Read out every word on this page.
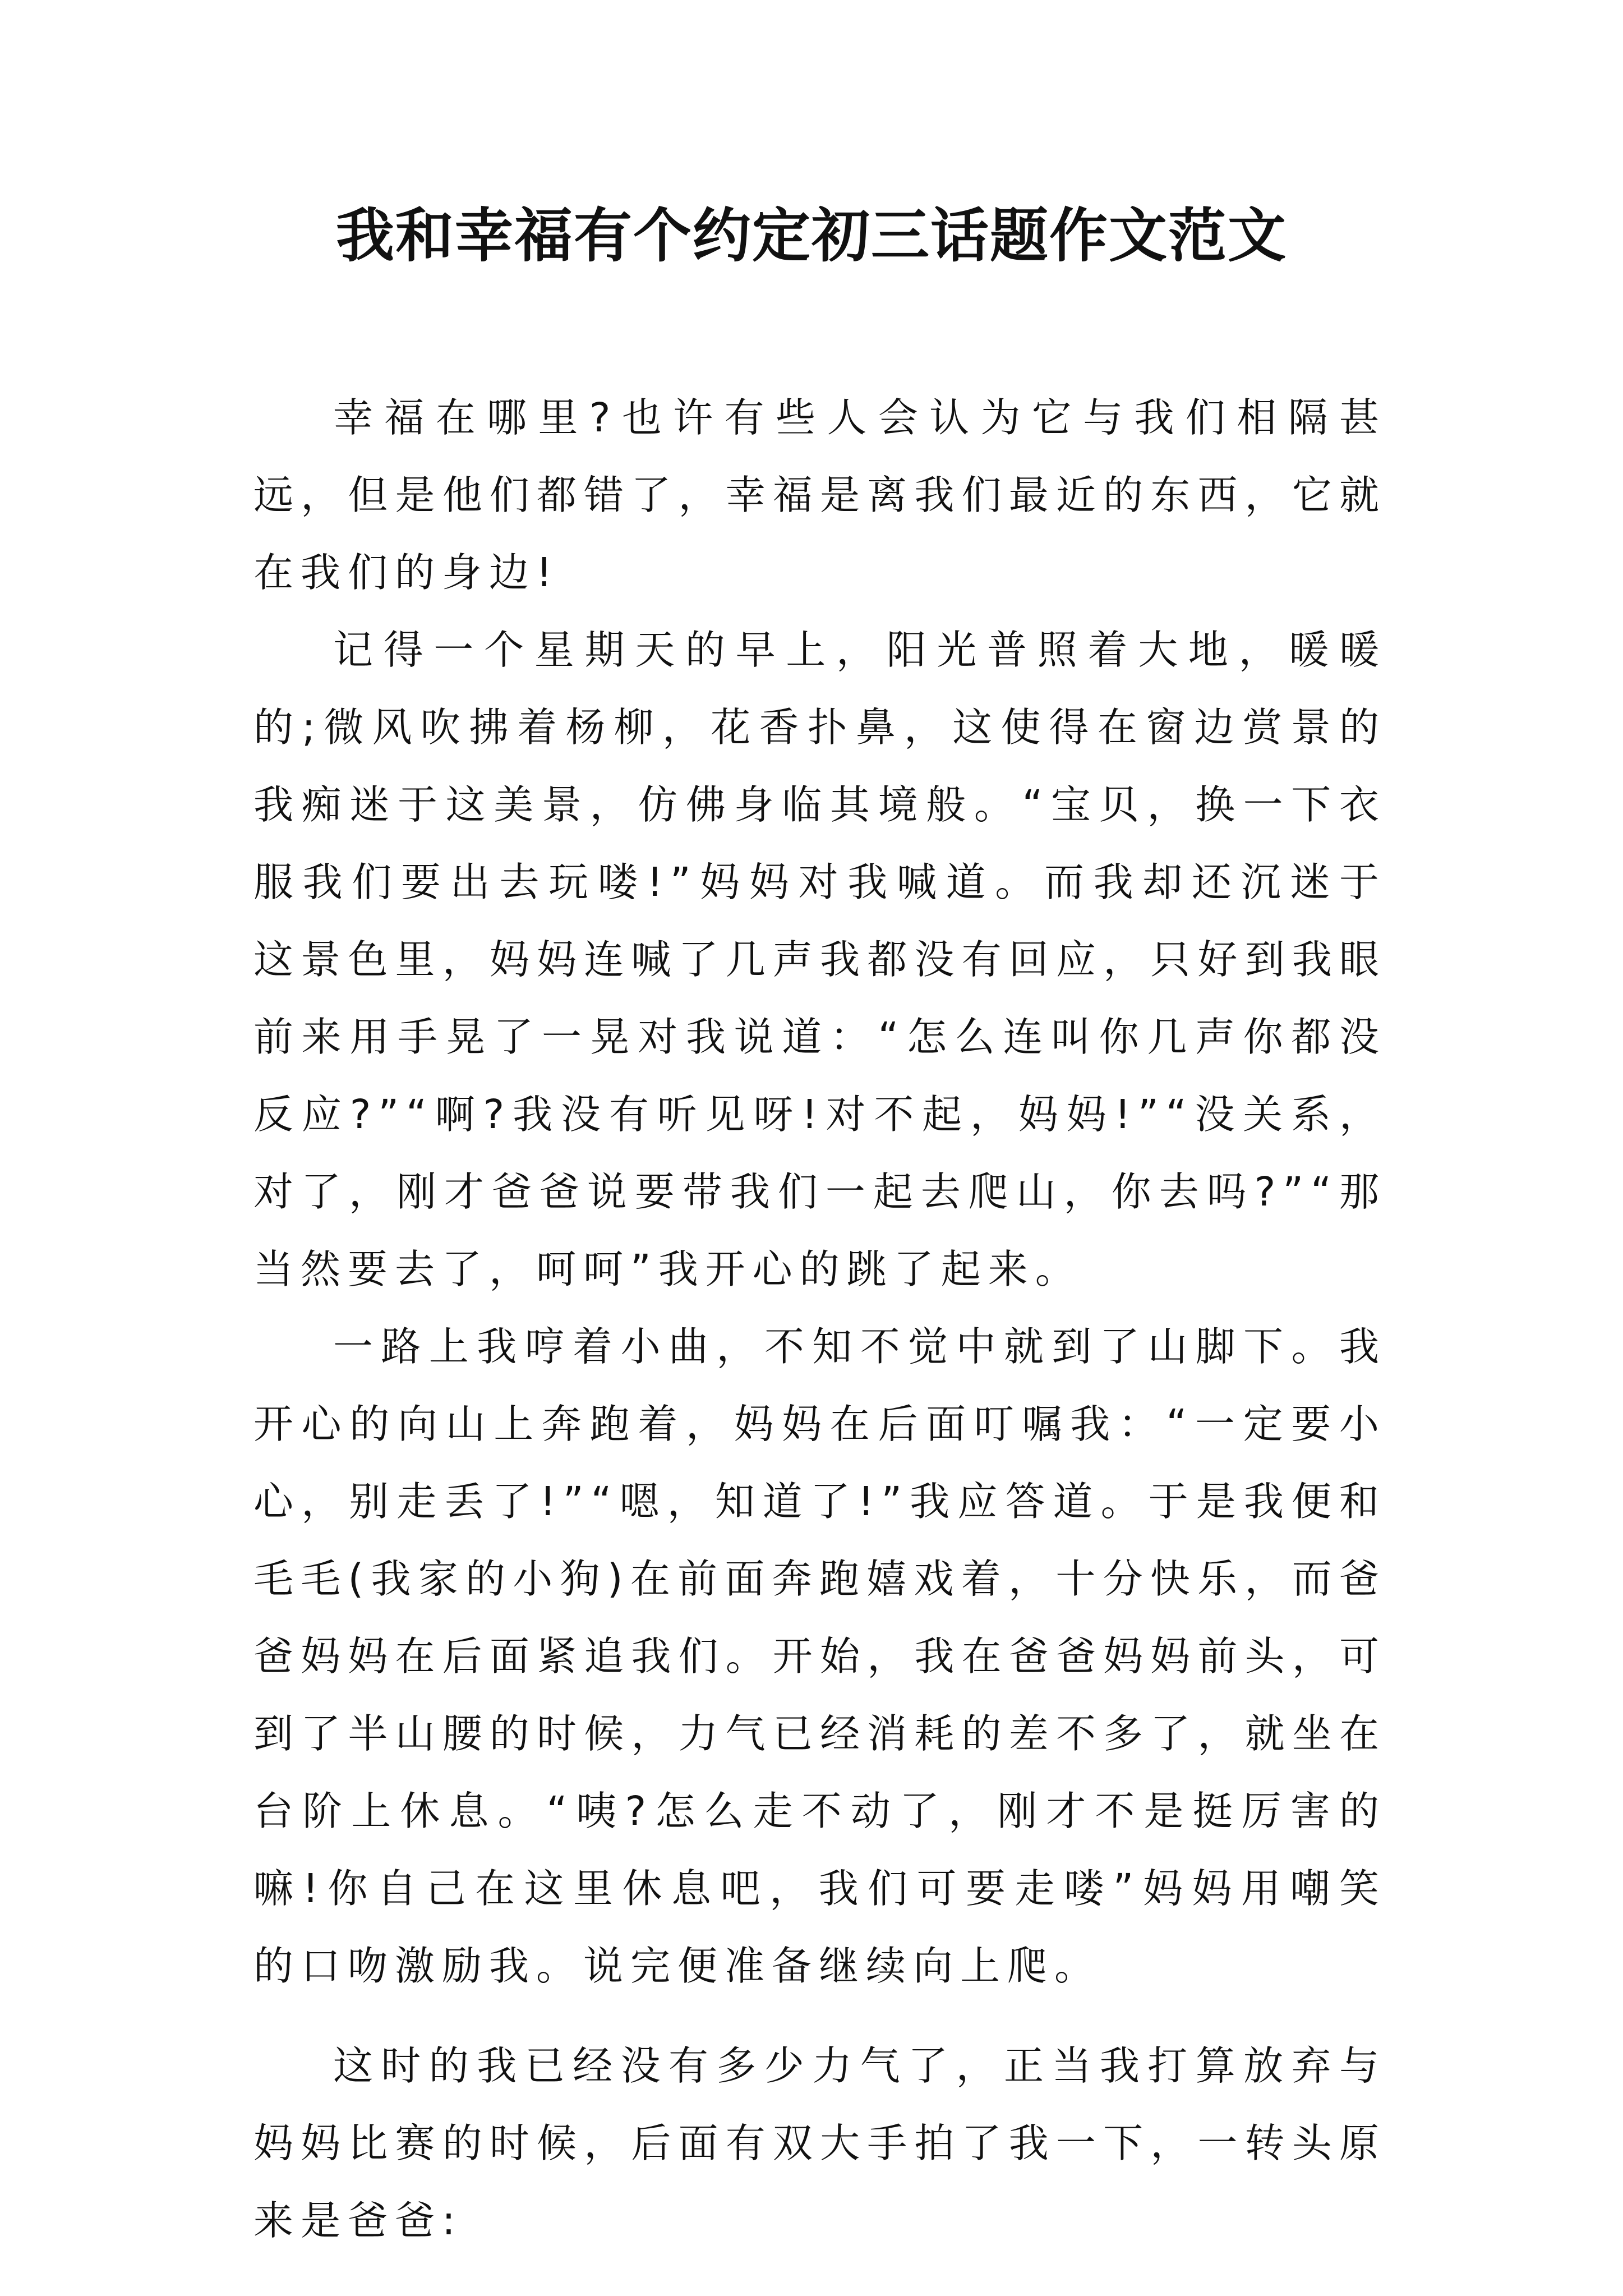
我和幸福有个约定初三话题作文范文

幸福在哪里?也许有些人会认为它与我们相隔甚远，但是他们都错了，幸福是离我们最近的东西，它就在我们的身边!

记得一个星期天的早上，阳光普照着大地，暖暖的;微风吹拂着杨柳，花香扑鼻，这使得在窗边赏景的我痴迷于这美景，仿佛身临其境般。“宝贝，换一下衣服我们要出去玩喽!”妈妈对我喊道。而我却还沉迷于这景色里，妈妈连喊了几声我都没有回应，只好到我眼前来用手晃了一晃对我说道：“怎么连叫你几声你都没反应?”“啊?我没有听见呀!对不起，妈妈!”“没关系，对了，刚才爸爸说要带我们一起去爬山，你去吗?”“那当然要去了，呵呵”我开心的跳了起来。

一路上我哼着小曲，不知不觉中就到了山脚下。我开心的向山上奔跑着，妈妈在后面叮嘱我：“一定要小心，别走丢了!”“嗯，知道了!”我应答道。于是我便和毛毛(我家的小狗)在前面奔跑嬉戏着，十分快乐，而爸爸妈妈在后面紧追我们。开始，我在爸爸妈妈前头，可到了半山腰的时候，力气已经消耗的差不多了，就坐在台阶上休息。“咦?怎么走不动了，刚才不是挺厉害的嘛!你自己在这里休息吧，我们可要走喽”妈妈用嘲笑的口吻激励我。说完便准备继续向上爬。

这时的我已经没有多少力气了，正当我打算放弃与妈妈比赛的时候，后面有双大手拍了我一下，一转头原来是爸爸:
